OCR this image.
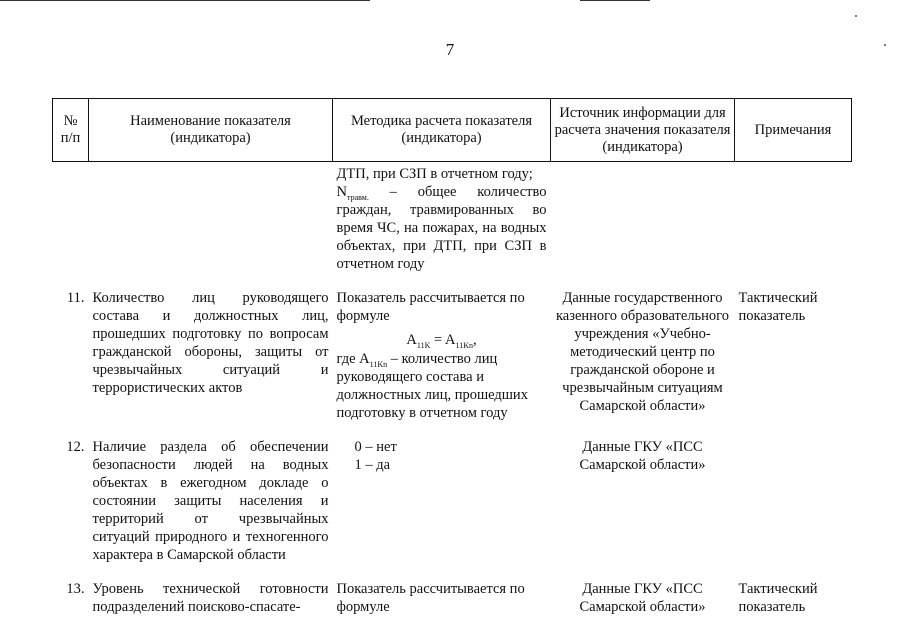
7
№ п/п	Наименование показателя (индикатора)	Методика расчета показателя (индикатора)	Источник информации для расчета значения показателя (индикатора)	Примечания
		ДТП, при СЗП в отчетном году;
$N_{травм.}$ – общее количество граждан, травмированных во время ЧС, на пожарах, на водных объектах, при ДТП, при СЗП в отчетном году		

11.	Количество лиц руководящего состава и должностных лиц, прошедших подготовку по вопросам гражданской обороны, защиты от чрезвычайных ситуаций и террористических актов	Показатель рассчитывается по формуле
$A_{11K} = A_{11Kn}$,
где $A_{11Kn}$ – количество лиц руководящего состава и должностных лиц, прошедших подготовку в отчетном году	Данные государственного казенного образовательного учреждения «Учебно-методический центр по гражданской обороне и чрезвычайным ситуациям Самарской области»	Тактический показатель

12.	Наличие раздела об обеспечении безопасности людей на водных объектах в ежегодном докладе о состоянии защиты населения и территорий от чрезвычайных ситуаций природного и техногенного характера в Самарской области	0 – нет
1 – да	Данные ГКУ «ПСС Самарской области»	

13.	Уровень технической готовности подразделений поисково-спасате-	Показатель рассчитывается по формуле	Данные ГКУ «ПСС Самарской области»	Тактический показатель
